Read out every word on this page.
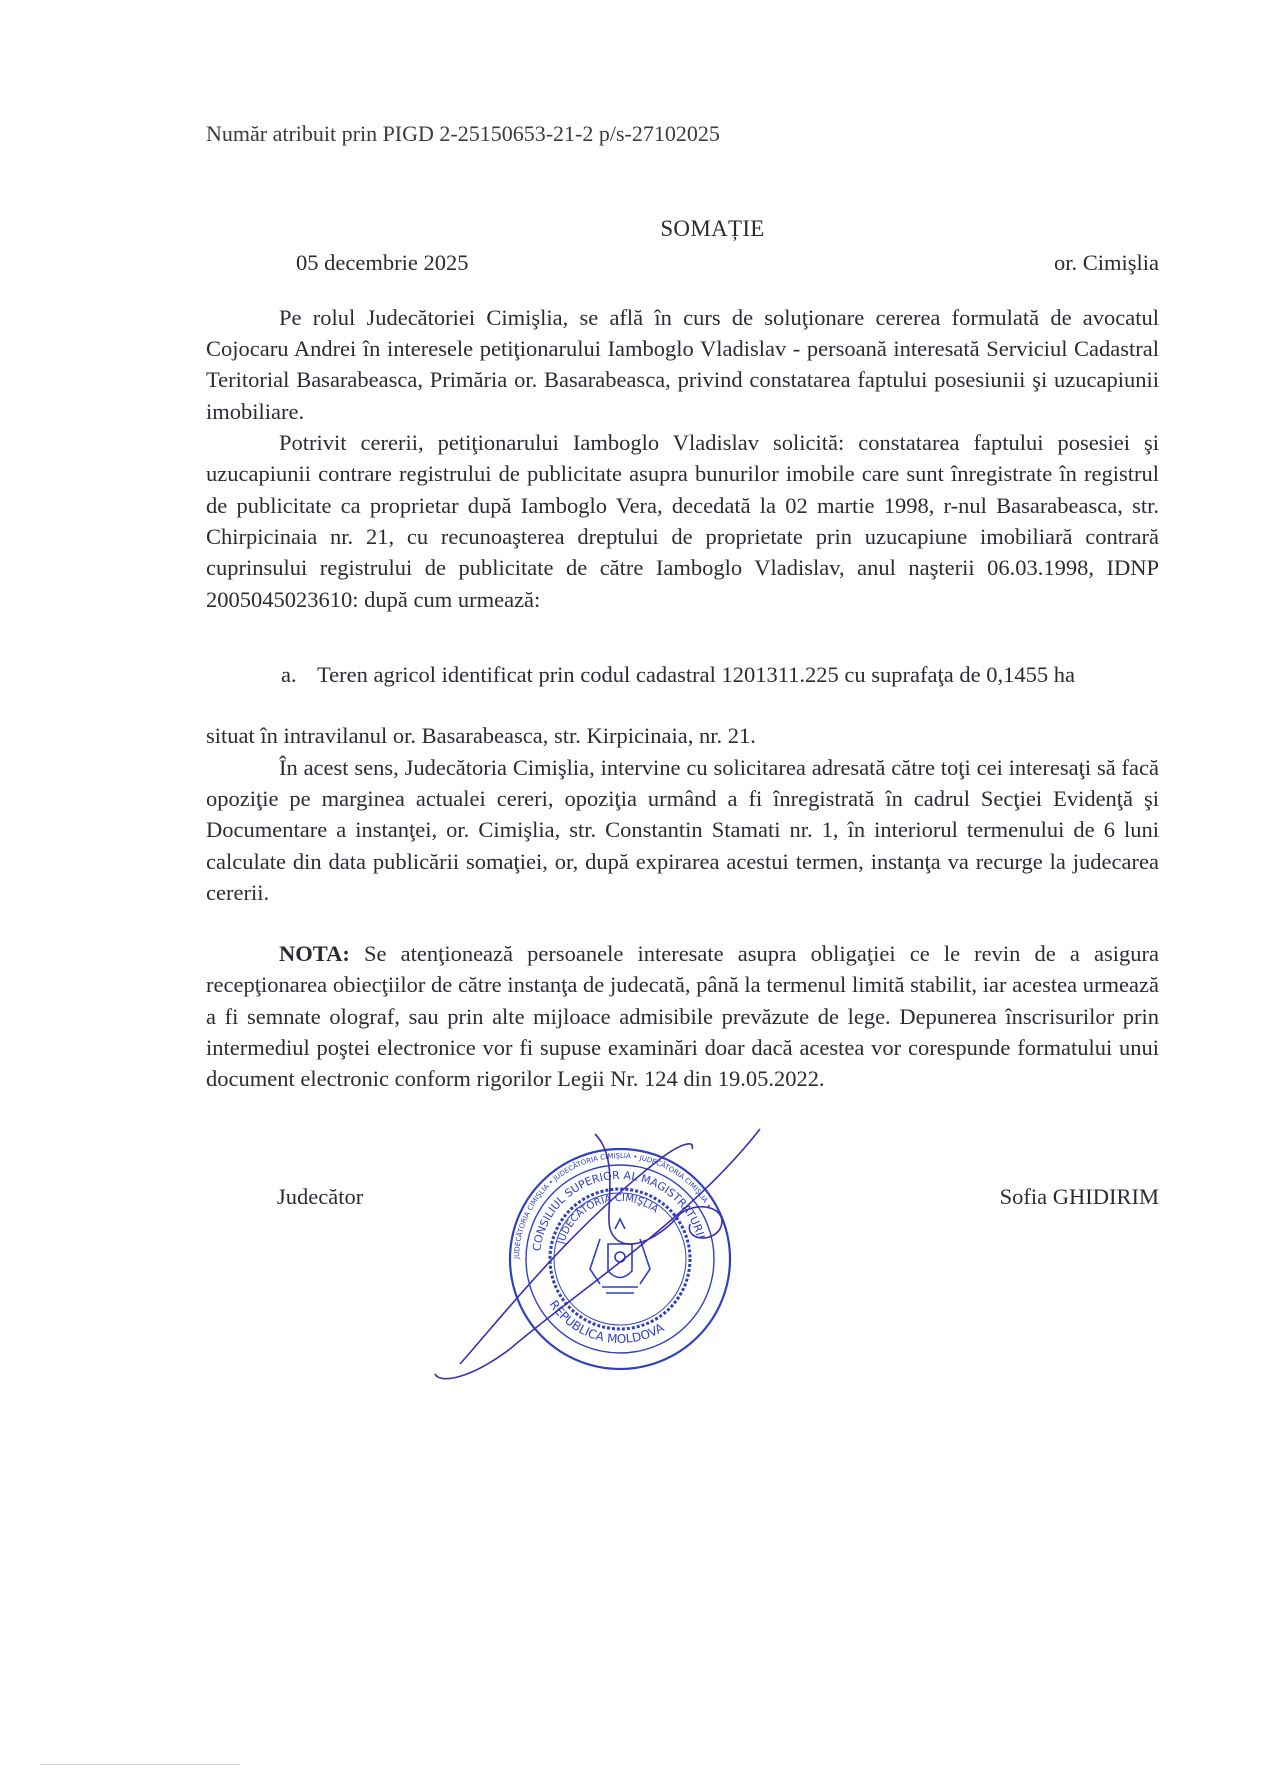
Număr atribuit prin PIGD 2-25150653-21-2 p/s-27102025
SOMAȚIE
05 decembrie 2025	or. Cimişlia

Pe rolul Judecătoriei Cimişlia, se află în curs de soluţionare cererea formulată de avocatul Cojocaru Andrei în interesele petiţionarului Iamboglo Vladislav - persoană interesată Serviciul Cadastral Teritorial Basarabeasca, Primăria or. Basarabeasca, privind constatarea faptului posesiunii şi uzucapiunii imobiliare.

Potrivit cererii, petiţionarului Iamboglo Vladislav solicită: constatarea faptului posesiei şi uzucapiunii contrare registrului de publicitate asupra bunurilor imobile care sunt înregistrate în registrul de publicitate ca proprietar după Iamboglo Vera, decedată la 02 martie 1998, r-nul Basarabeasca, str. Chirpicinaia nr. 21, cu recunoaşterea dreptului de proprietate prin uzucapiune imobiliară contrară cuprinsului registrului de publicitate de către Iamboglo Vladislav, anul naşterii 06.03.1998, IDNP 2005045023610: după cum urmează:

a. Teren agricol identificat prin codul cadastral 1201311.225 cu suprafaţa de 0,1455 ha

situat în intravilanul or. Basarabeasca, str. Kirpicinaia, nr. 21.

În acest sens, Judecătoria Cimişlia, intervine cu solicitarea adresată către toţi cei interesaţi să facă opoziţie pe marginea actualei cereri, opoziţia urmând a fi înregistrată în cadrul Secţiei Evidenţă şi Documentare a instanţei, or. Cimişlia, str. Constantin Stamati nr. 1, în interiorul termenului de 6 luni calculate din data publicării somaţiei, or, după expirarea acestui termen, instanţa va recurge la judecarea cererii.

NOTA: Se atenţionează persoanele interesate asupra obligaţiei ce le revin de a asigura recepţionarea obiecţiilor de către instanţa de judecată, până la termenul limită stabilit, iar acestea urmează a fi semnate olograf, sau prin alte mijloace admisibile prevăzute de lege. Depunerea înscrisurilor prin intermediul poştei electronice vor fi supuse examinări doar dacă acestea vor corespunde formatului unui document electronic conform rigorilor Legii Nr. 124 din 19.05.2022.

Judecător	Sofia GHIDIRIM
JUDECĂTORIA CIMIŞLIA • JUDECĂTORIA CIMIŞLIA • JUDECĂTORIA CIMIŞLIA •
CONSILIUL SUPERIOR AL MAGISTRATURII
JUDECĂTORIA CIMIŞLIA
REPUBLICA MOLDOVA
